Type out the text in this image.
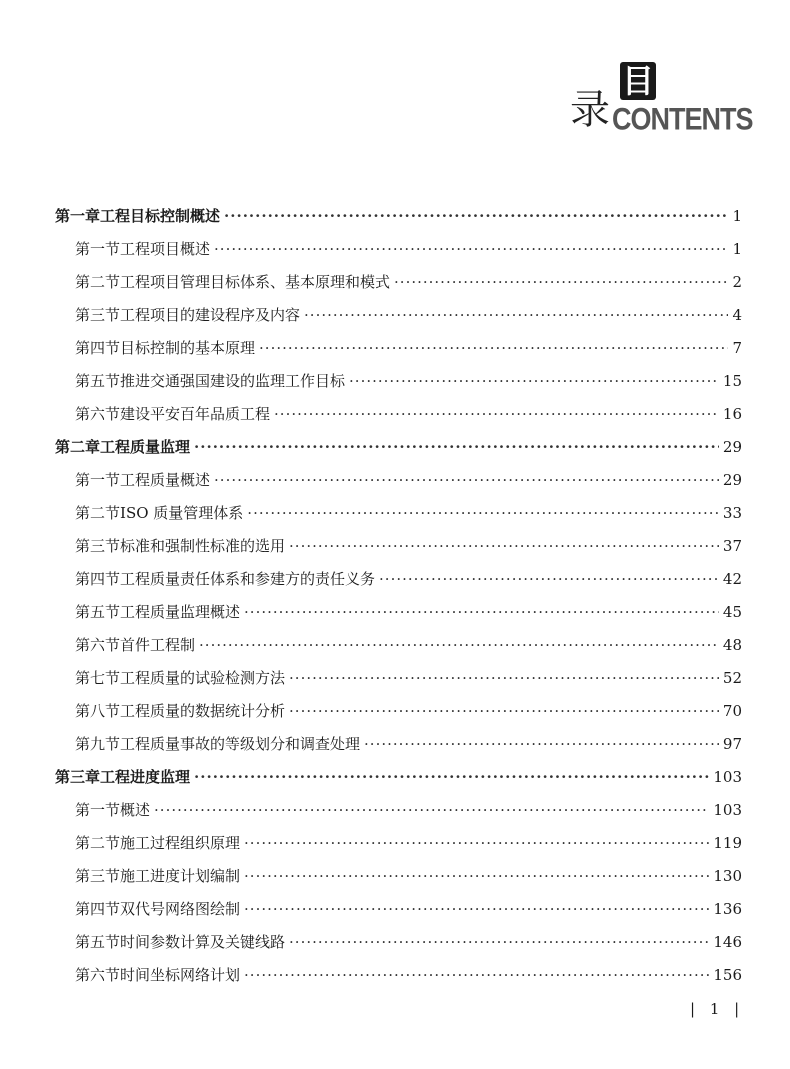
目
录 CONTENTS
第一章 工程目标控制概述 ·····	1
第一节 工程项目概述 ·····	1
第二节 工程项目管理目标体系、基本原理和模式 ·····	2
第三节 工程项目的建设程序及内容 ·····	4
第四节 目标控制的基本原理 ·····	7
第五节 推进交通强国建设的监理工作目标 ·····	15
第六节 建设平安百年品质工程 ·····	16
第二章 工程质量监理 ·····	29
第一节 工程质量概述 ·····	29
第二节 ISO 质量管理体系 ·····	33
第三节 标准和强制性标准的选用 ·····	37
第四节 工程质量责任体系和参建方的责任义务 ·····	42
第五节 工程质量监理概述 ·····	45
第六节 首件工程制 ·····	48
第七节 工程质量的试验检测方法 ·····	52
第八节 工程质量的数据统计分析 ·····	70
第九节 工程质量事故的等级划分和调查处理 ·····	97
第三章 工程进度监理 ·····	103
第一节 概述 ·····	103
第二节 施工过程组织原理 ·····	119
第三节 施工进度计划编制 ·····	130
第四节 双代号网络图绘制 ·····	136
第五节 时间参数计算及关键线路 ·····	146
第六节 时间坐标网络计划 ·····	156
| 1 |
